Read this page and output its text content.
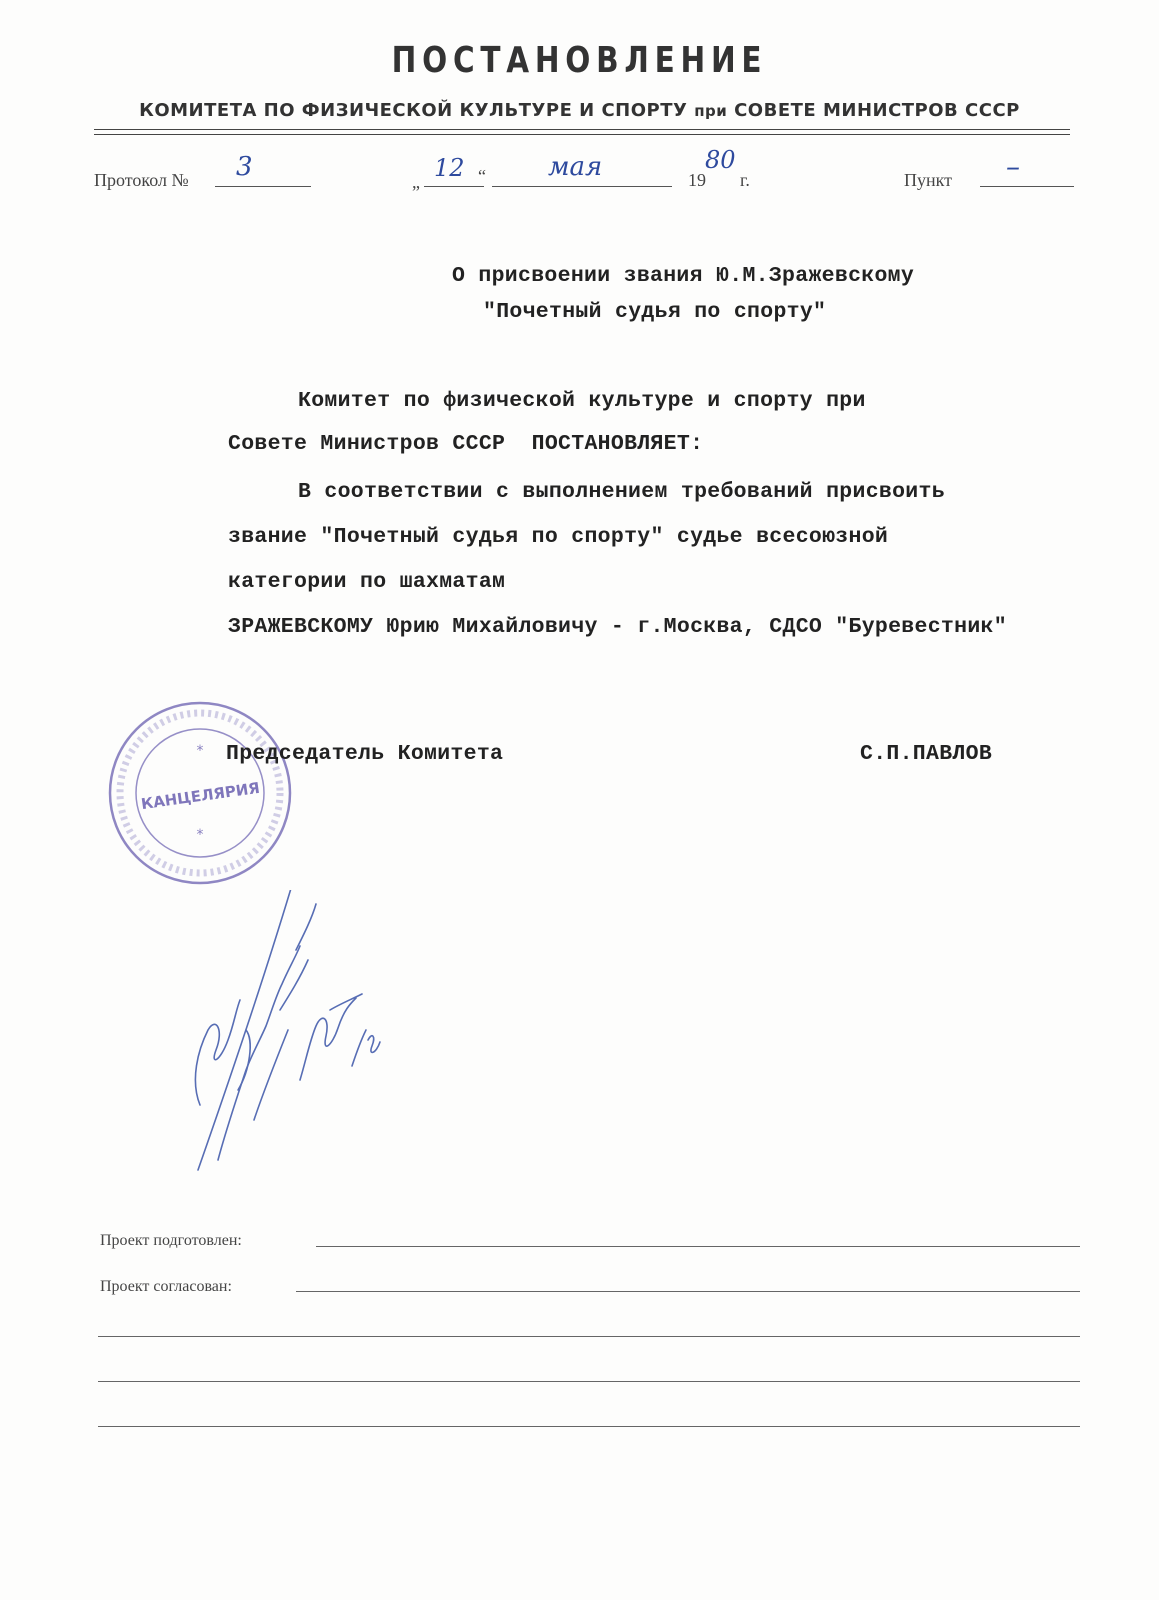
ПОСТАНОВЛЕНИЕ
КОМИТЕТА ПО ФИЗИЧЕСКОЙ КУЛЬТУРЕ И СПОРТУ при СОВЕТЕ МИНИСТРОВ СССР
Протокол № 3	„ 12 “ мая	19
80
г.	Пункт –
О присвоении звания Ю.М.Зражевскому
"Почетный судья по спорту"
Комитет по физической культуре и спорту при
Совете Министров СССР  ПОСТАНОВЛЯЕТ:
В соответствии с выполнением требований присвоить
звание "Почетный судья по спорту" судье всесоюзной
категории по шахматам
ЗРАЖЕВСКОМУ Юрию Михайловичу - г.Москва, СДСО "Буревестник"
*
*
КАНЦЕЛЯРИЯ
Председатель Комитета	С.П.ПАВЛОВ
Проект подготовлен:
Проект согласован:
